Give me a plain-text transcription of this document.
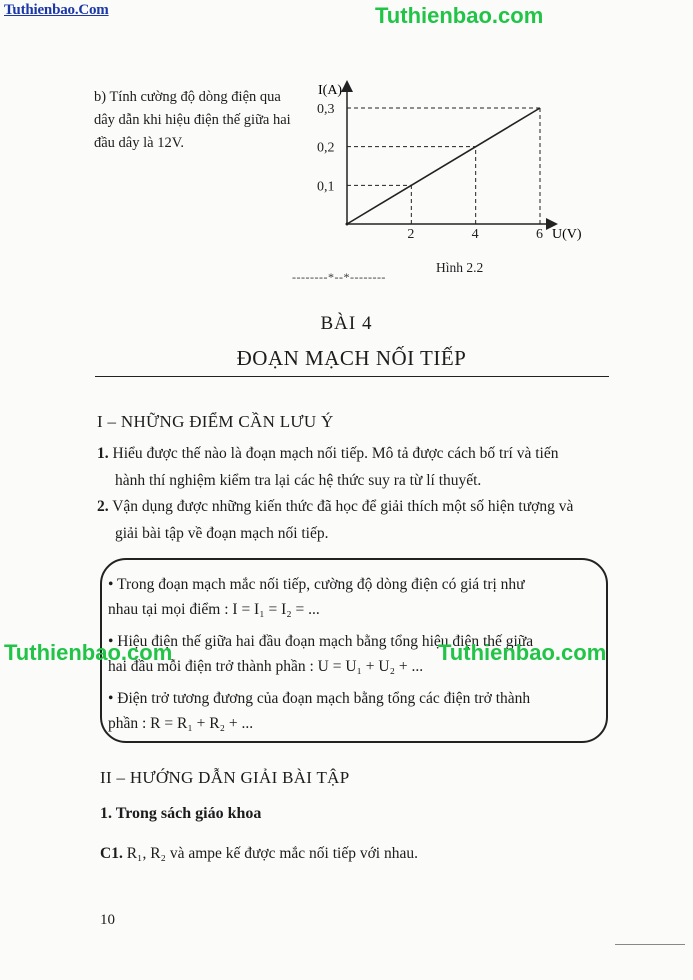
Tuthienbao.Com	Tuthienbao.com
b) Tính cường độ dòng điện qua
dây dẫn khi hiệu điện thế giữa hai
đầu dây là 12V.
I(A)
U(V)
2	4	6
0,1
0,2
0,3
Hình 2.2
--------*--*--------
BÀI 4
ĐOẠN MẠCH NỐI TIẾP
I – NHỮNG ĐIỂM CẦN LƯU Ý
1. Hiểu được thế nào là đoạn mạch nối tiếp. Mô tả được cách bố trí và tiến
hành thí nghiệm kiểm tra lại các hệ thức suy ra từ lí thuyết.
2. Vận dụng được những kiến thức đã học để giải thích một số hiện tượng và
giải bài tập về đoạn mạch nối tiếp.
• Trong đoạn mạch mắc nối tiếp, cường độ dòng điện có giá trị như
nhau tại mọi điểm : I = I₁ = I₂ = ...
• Hiệu điện thế giữa hai đầu đoạn mạch bằng tổng hiệu điện thế giữa
hai đầu mỗi điện trở thành phần : U = U₁ + U₂ + ...
• Điện trở tương đương của đoạn mạch bằng tổng các điện trở thành
phần : R = R₁ + R₂ + ...
Tuthienbao.com	Tuthienbao.com
II – HƯỚNG DẪN GIẢI BÀI TẬP
1. Trong sách giáo khoa
C1. R₁, R₂ và ampe kế được mắc nối tiếp với nhau.
10
